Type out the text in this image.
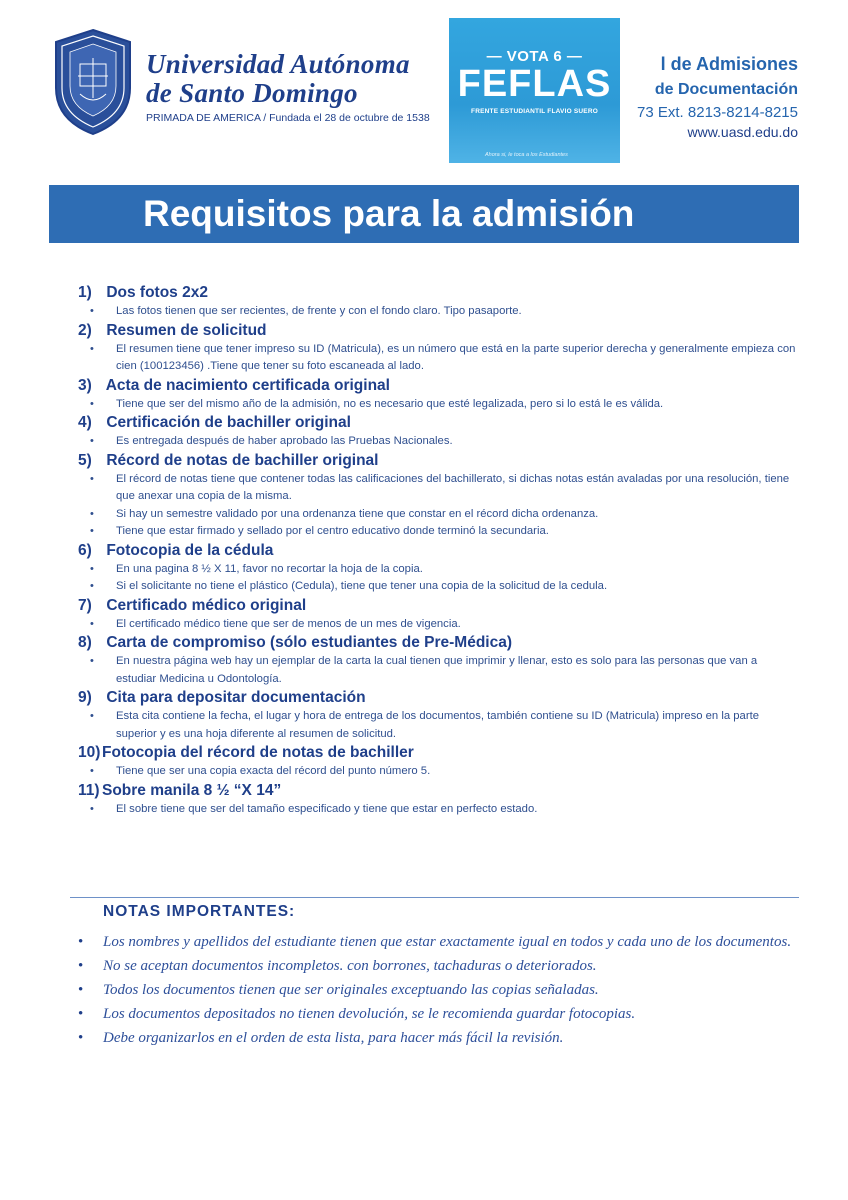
Universidad Autónoma
de Santo Domingo
PRIMADA DE AMERICA / Fundada el 28 de octubre de 1538
— VOTA 6 —
FEFLAS
FRENTE ESTUDIANTIL FLAVIO SUERO
Ahora si, le toca a los Estudiantes
l de Admisiones
de Documentación
73 Ext. 8213-8214-8215
www.uasd.edu.do
Requisitos para la admisión
1) Dos fotos 2x2
• Las fotos tienen que ser recientes, de frente y con el fondo claro. Tipo pasaporte.
2) Resumen de solicitud
• El resumen tiene que tener impreso su ID (Matricula), es un número que está en la parte superior derecha y generalmente empieza con cien (100123456) .Tiene que tener su foto escaneada al lado.
3) Acta de nacimiento certificada original
• Tiene que ser del mismo año de la admisión, no es necesario que esté legalizada, pero si lo está le es válida.
4) Certificación de bachiller original
• Es entregada después de haber aprobado las Pruebas Nacionales.
5) Récord de notas de bachiller original
• El récord de notas tiene que contener todas las calificaciones del bachillerato, si dichas notas están avaladas por una resolución, tiene que anexar una copia de la misma.
• Si hay un semestre validado por una ordenanza tiene que constar en el récord dicha ordenanza.
• Tiene que estar firmado y sellado por el centro educativo donde terminó la secundaria.
6) Fotocopia de la cédula
• En una pagina 8 ½ X 11, favor no recortar la hoja de la copia.
• Si el solicitante no tiene el plástico (Cedula), tiene que tener una copia de la solicitud de la cedula.
7) Certificado médico original
• El certificado médico tiene que ser de menos de un mes de vigencia.
8) Carta de compromiso (sólo estudiantes de Pre-Médica)
• En nuestra página web hay un ejemplar de la carta la cual tienen que imprimir y llenar, esto es solo para las personas que van a estudiar Medicina u Odontología.
9) Cita para depositar documentación
• Esta cita contiene la fecha, el lugar y hora de entrega de los documentos, también contiene su ID (Matricula) impreso en la parte superior y es una hoja diferente al resumen de solicitud.
10) Fotocopia del récord de notas de bachiller
• Tiene que ser una copia exacta del récord del punto número 5.
11) Sobre manila 8 ½ “X 14”
• El sobre tiene que ser del tamaño especificado y tiene que estar en perfecto estado.
NOTAS IMPORTANTES:
• Los nombres y apellidos del estudiante tienen que estar exactamente igual en todos y cada uno de los documentos.
• No se aceptan documentos incompletos. con borrones, tachaduras o deteriorados.
• Todos los documentos tienen que ser originales exceptuando las copias señaladas.
• Los documentos depositados no tienen devolución, se le recomienda guardar fotocopias.
• Debe organizarlos en el orden de esta lista, para hacer más fácil la revisión.
